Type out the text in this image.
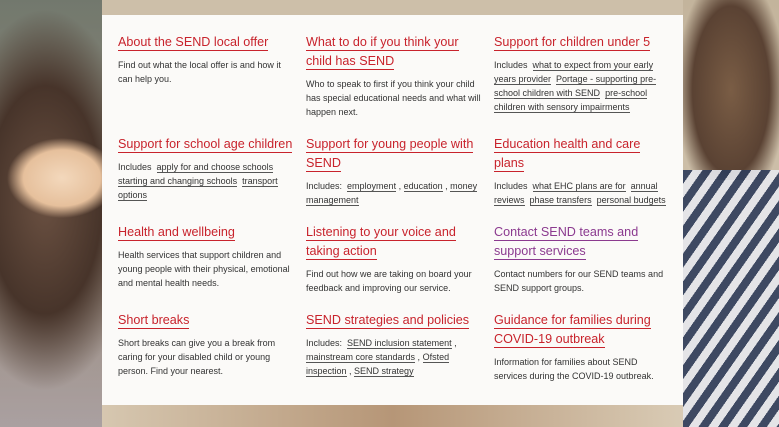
About the SEND local offer

Find out what the local offer is and how it can help you.

What to do if you think your child has SEND

Who to speak to first if you think your child has special educational needs and what will happen next.

Support for children under 5

Includes what to expect from your early years provider Portage - supporting pre-school children with SEND pre-school children with sensory impairments

Support for school age children

Includes apply for and choose schools starting and changing schools transport options

Support for young people with SEND

Includes: employment , education , money management

Education health and care plans

Includes what EHC plans are for annual reviews phase transfers personal budgets

Health and wellbeing

Health services that support children and young people with their physical, emotional and mental health needs.

Listening to your voice and taking action

Find out how we are taking on board your feedback and improving our service.

Contact SEND teams and support services

Contact numbers for our SEND teams and SEND support groups.

Short breaks

Short breaks can give you a break from caring for your disabled child or young person. Find your nearest.

SEND strategies and policies

Includes: SEND inclusion statement , mainstream core standards , Ofsted inspection , SEND strategy

Guidance for families during COVID-19 outbreak

Information for families about SEND services during the COVID-19 outbreak.
